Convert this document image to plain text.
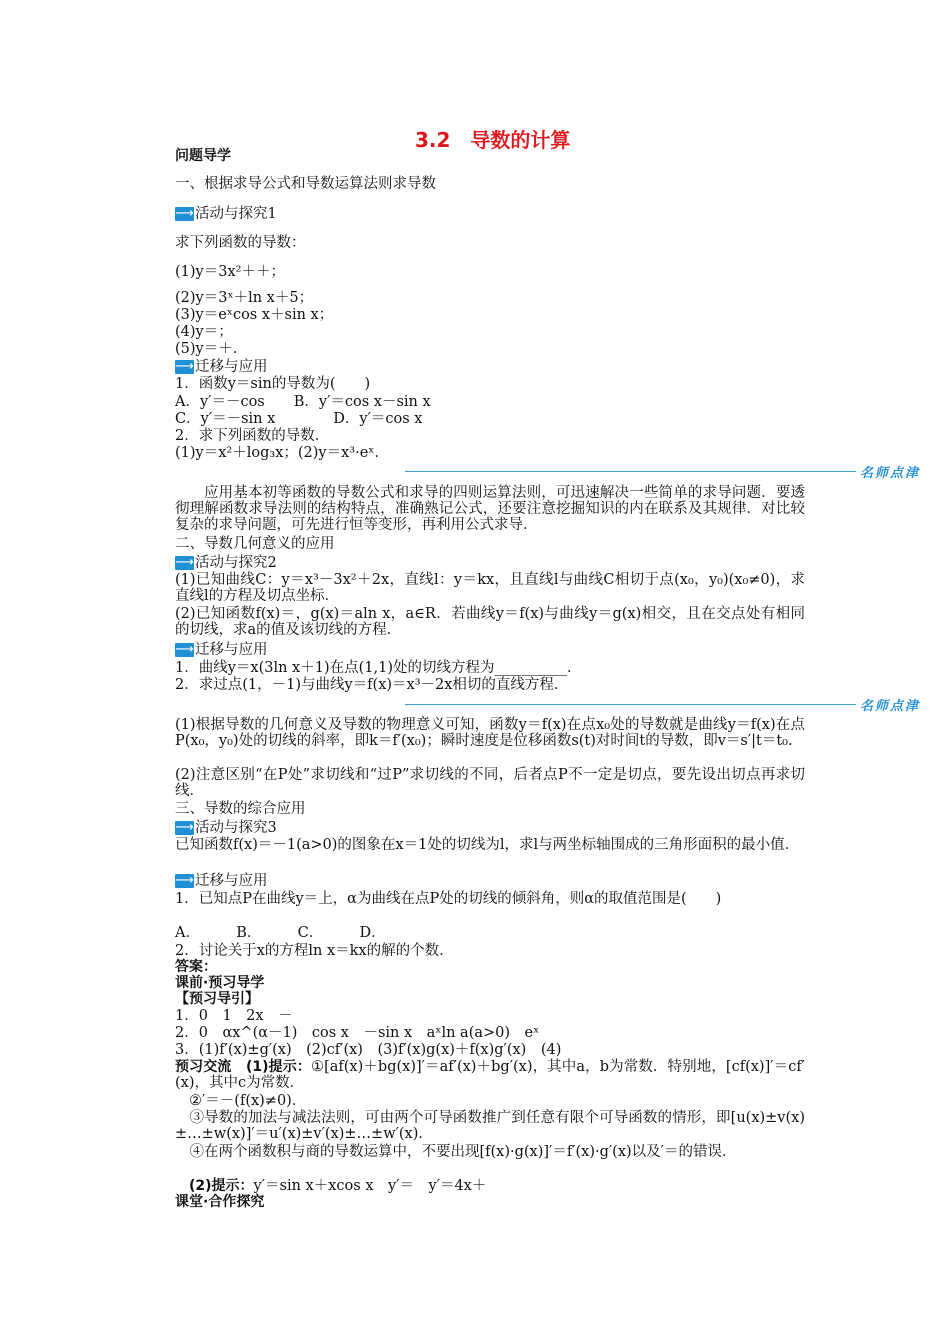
3.2　导数的计算
问题导学
一、根据求导公式和导数运算法则求导数
⟶ 活动与探究1
求下列函数的导数：
(1)y＝3x²＋＋；
(2)y＝3ˣ＋ln x＋5；
(3)y＝eˣcos x＋sin x；
(4)y＝；
(5)y＝＋.
⟶ 迁移与应用
1．函数y＝sin的导数为(　　)
A．y′＝－cos　　B．y′＝cos x－sin x
C．y′＝－sin x　　　　D．y′＝cos x
2．求下列函数的导数．
(1)y＝x²＋log₃x；(2)y＝x³·eˣ.
名师点津
应用基本初等函数的导数公式和求导的四则运算法则，可迅速解决一些简单的求导问题．要透彻理解函数求导法则的结构特点，准确熟记公式，还要注意挖掘知识的内在联系及其规律．对比较复杂的求导问题，可先进行恒等变形，再利用公式求导．
二、导数几何意义的应用
⟶ 活动与探究2
(1)已知曲线C：y＝x³－3x²＋2x，直线l：y＝kx，且直线l与曲线C相切于点(x₀，y₀)(x₀≠0)，求直线l的方程及切点坐标．
(2)已知函数f(x)＝，g(x)＝aln x，a∈R．若曲线y＝f(x)与曲线y＝g(x)相交，且在交点处有相同的切线，求a的值及该切线的方程．
⟶ 迁移与应用
1．曲线y＝x(3ln x＋1)在点(1,1)处的切线方程为__________．
2．求过点(1，－1)与曲线y＝f(x)＝x³－2x相切的直线方程．
名师点津
(1)根据导数的几何意义及导数的物理意义可知，函数y＝f(x)在点x₀处的导数就是曲线y＝f(x)在点P(x₀，y₀)处的切线的斜率，即k＝f′(x₀)；瞬时速度是位移函数s(t)对时间t的导数，即v＝s′|t＝t₀.
(2)注意区别“在P处”求切线和“过P”求切线的不同，后者点P不一定是切点，要先设出切点再求切线．
三、导数的综合应用
⟶ 活动与探究3
已知函数f(x)＝－1(a>0)的图象在x＝1处的切线为l，求l与两坐标轴围成的三角形面积的最小值．
⟶ 迁移与应用
1．已知点P在曲线y＝上，α为曲线在点P处的切线的倾斜角，则α的取值范围是(　　)
A．　　　B．　　　C．　　　D．
2．讨论关于x的方程ln x＝kx的解的个数．
答案：
课前·预习导学
【预习导引】
1．0　1　2x　－
2．0　αx^(α－1)　cos x　－sin x　aˣln a(a>0)　eˣ
3．(1)f′(x)±g′(x)　(2)cf′(x)　(3)f′(x)g(x)＋f(x)g′(x)　(4)
预习交流　 (1)提示：①[af(x)＋bg(x)]′＝af′(x)＋bg′(x)，其中a，b为常数．特别地，[cf(x)]′＝cf′(x)，其中c为常数．
②′＝－(f(x)≠0)．
③导数的加法与减法法则，可由两个可导函数推广到任意有限个可导函数的情形，即[u(x)±v(x)±…±w(x)]′＝u′(x)±v′(x)±…±w′(x)．
④在两个函数积与商的导数运算中，不要出现[f(x)·g(x)]′＝f′(x)·g′(x)以及′＝的错误．
(2)提示：y′＝sin x＋xcos x　y′＝　y′＝4x＋
课堂·合作探究
